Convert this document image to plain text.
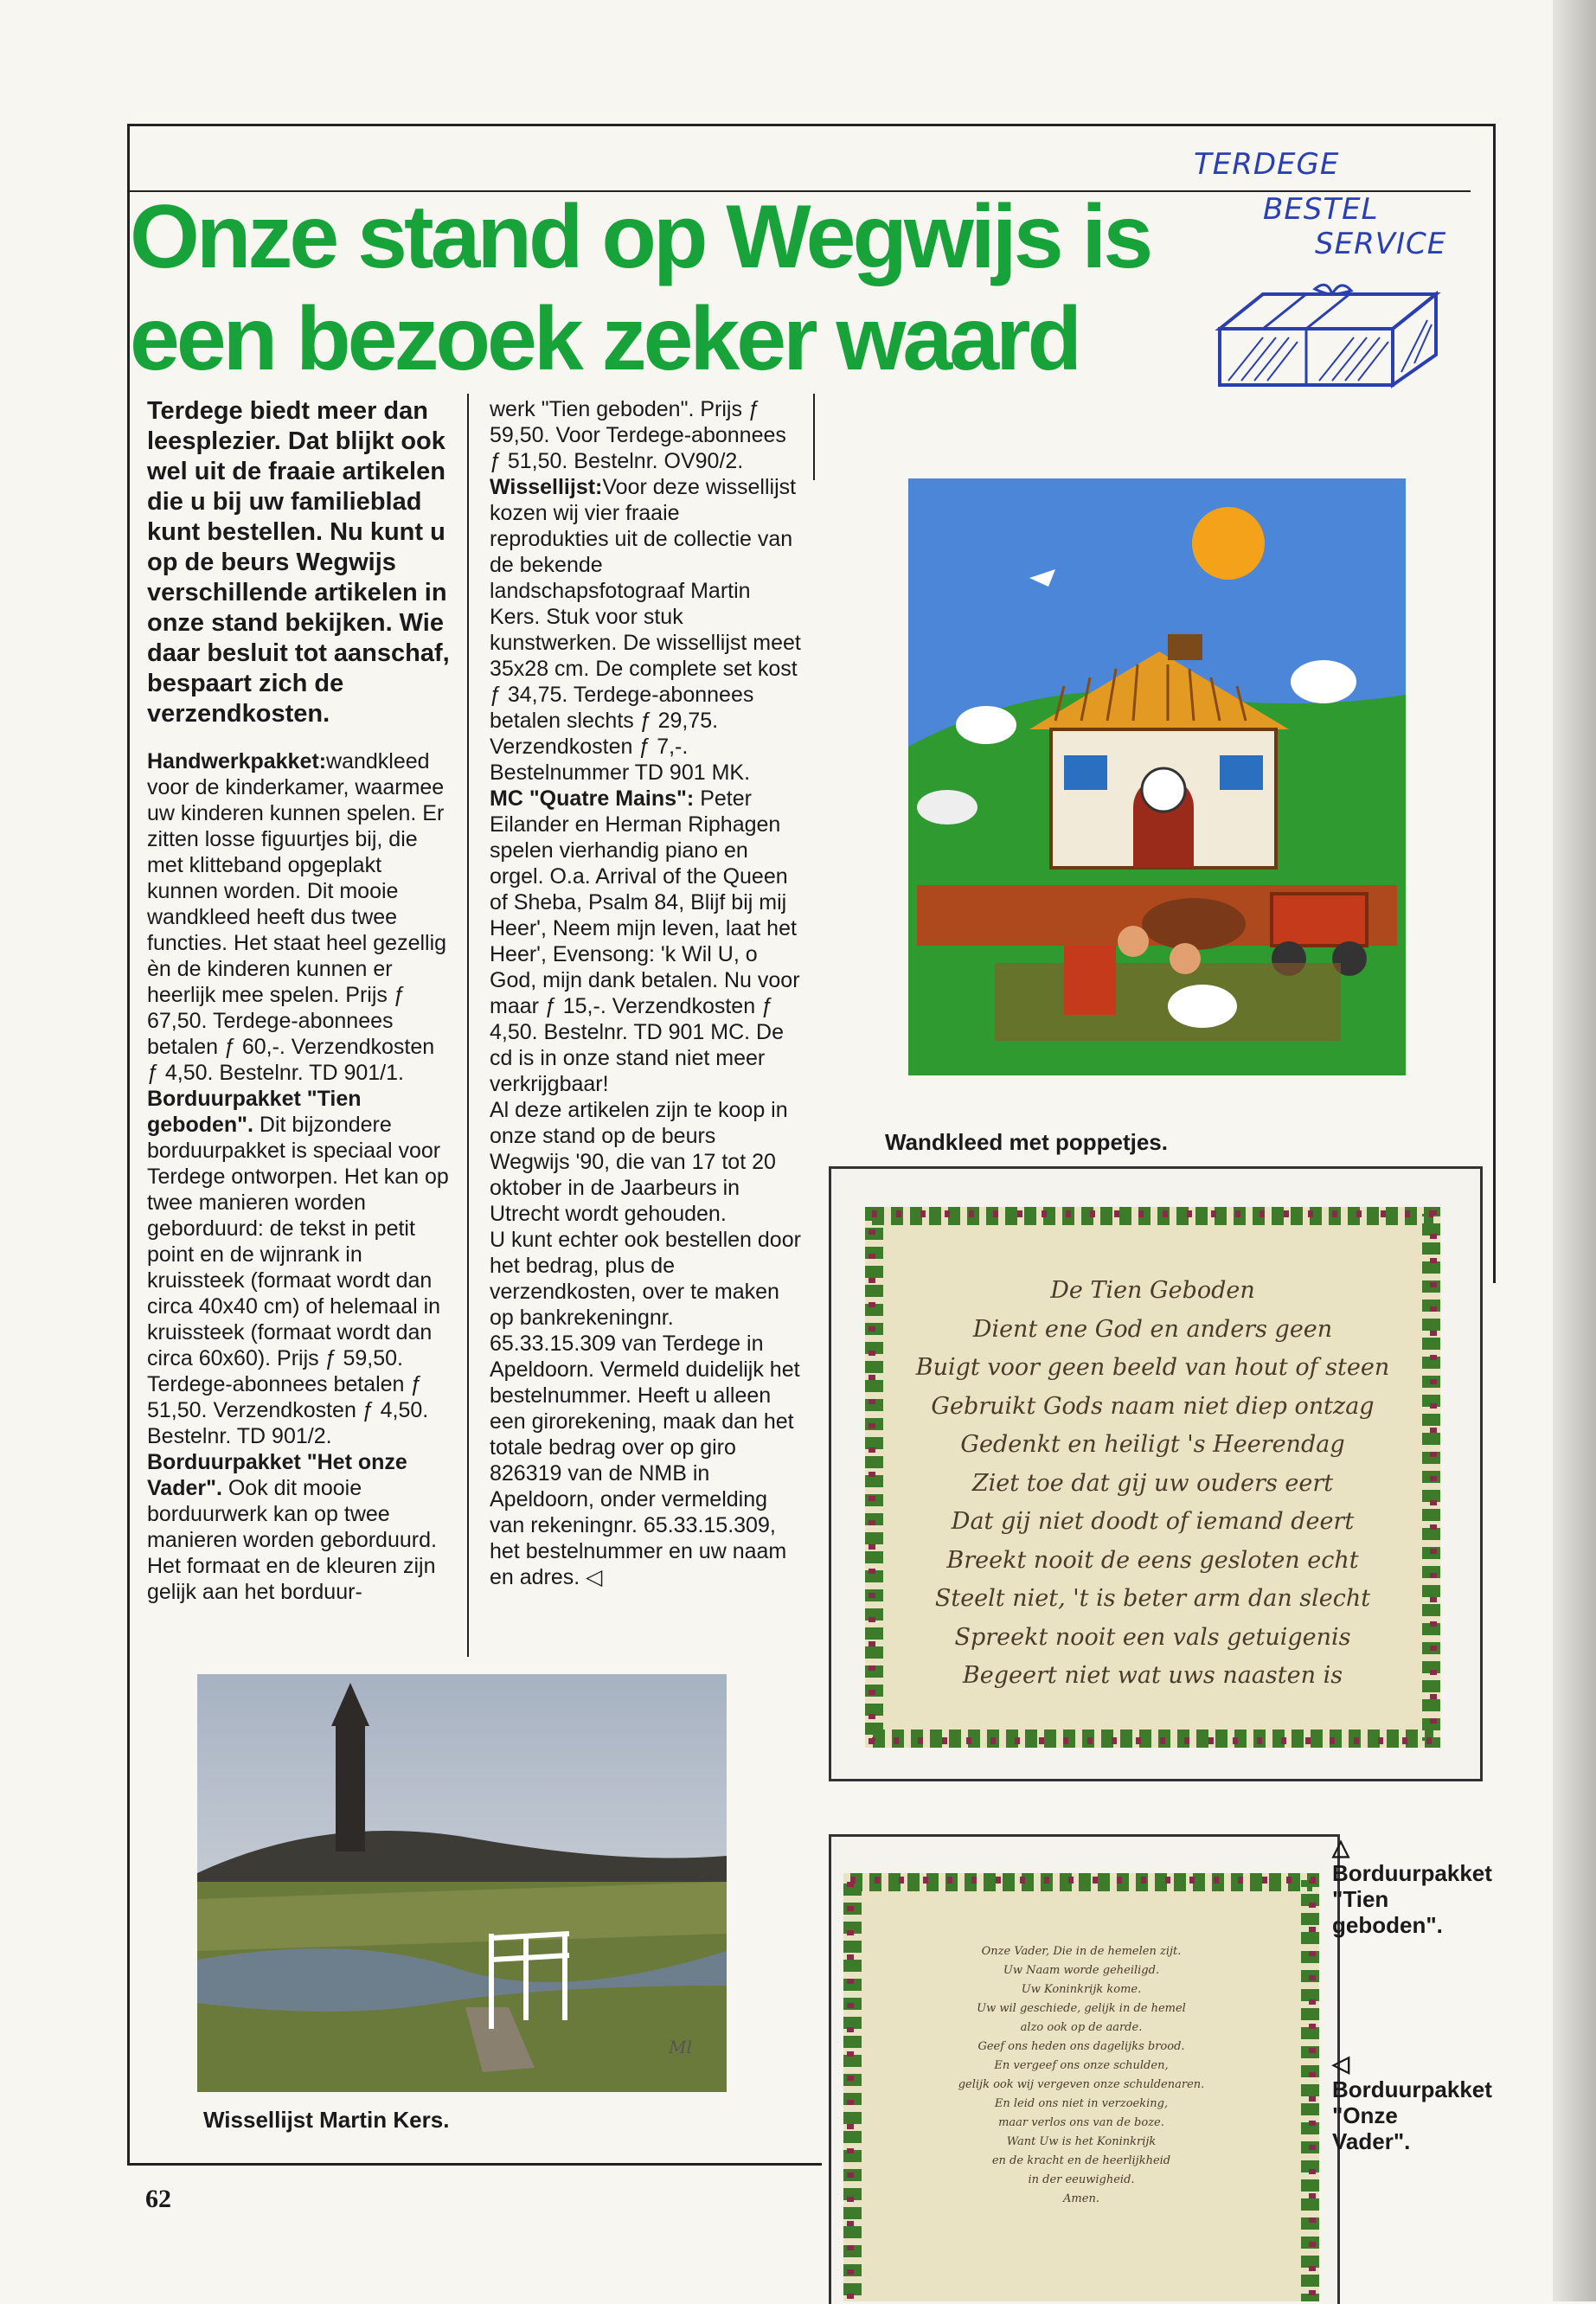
Onze stand op Wegwijs is
een bezoek zeker waard
TERDEGE
BESTEL
SERVICE

Terdege biedt meer dan leesplezier. Dat blijkt ook wel uit de fraaie artikelen die u bij uw familieblad kunt bestellen. Nu kunt u op de beurs Wegwijs verschillende artikelen in onze stand bekijken. Wie daar besluit tot aanschaf, bespaart zich de verzendkosten.

Handwerkpakket:wandkleed voor de kinderkamer, waarmee uw kinderen kunnen spelen. Er zitten losse figuurtjes bij, die met klitteband opgeplakt kunnen worden. Dit mooie wandkleed heeft dus twee functies. Het staat heel gezellig èn de kinderen kunnen er heerlijk mee spelen. Prijs ƒ 67,50. Terdege-abonnees betalen ƒ 60,-. Verzendkosten ƒ 4,50. Bestelnr. TD 901/1.

Borduurpakket "Tien geboden". Dit bijzondere borduurpakket is speciaal voor Terdege ontworpen. Het kan op twee manieren worden geborduurd: de tekst in petit point en de wijnrank in kruissteek (formaat wordt dan circa 40x40 cm) of helemaal in kruissteek (formaat wordt dan circa 60x60). Prijs ƒ 59,50. Terdege-abonnees betalen ƒ 51,50. Verzendkosten ƒ 4,50. Bestelnr. TD 901/2.

Borduurpakket "Het onze Vader". Ook dit mooie borduurwerk kan op twee manieren worden geborduurd. Het formaat en de kleuren zijn gelijk aan het borduur-

werk "Tien geboden". Prijs ƒ 59,50. Voor Terdege-abonnees ƒ 51,50. Bestelnr. OV90/2.

Wissellijst:Voor deze wissellijst kozen wij vier fraaie reprodukties uit de collectie van de bekende landschapsfotograaf Martin Kers. Stuk voor stuk kunstwerken. De wissellijst meet 35x28 cm. De complete set kost ƒ 34,75. Terdege-abonnees betalen slechts ƒ 29,75. Verzendkosten ƒ 7,-. Bestelnummer TD 901 MK.

MC "Quatre Mains": Peter Eilander en Herman Riphagen spelen vierhandig piano en orgel. O.a. Arrival of the Queen of Sheba, Psalm 84, Blijf bij mij Heer', Neem mijn leven, laat het Heer', Evensong: 'k Wil U, o God, mijn dank betalen. Nu voor maar ƒ 15,-. Verzendkosten ƒ 4,50. Bestelnr. TD 901 MC. De cd is in onze stand niet meer verkrijgbaar!

Al deze artikelen zijn te koop in onze stand op de beurs Wegwijs '90, die van 17 tot 20 oktober in de Jaarbeurs in Utrecht wordt gehouden.

U kunt echter ook bestellen door het bedrag, plus de verzendkosten, over te maken op bankrekeningnr. 65.33.15.309 van Terdege in Apeldoorn. Vermeld duidelijk het bestelnummer. Heeft u alleen een girorekening, maak dan het totale bedrag over op giro 826319 van de NMB in Apeldoorn, onder vermelding van rekeningnr. 65.33.15.309, het bestelnummer en uw naam en adres. ◁

Wandkleed met poppetjes.
De Tien Geboden
Dient ene God en anders geen
Buigt voor geen beeld van hout of steen
Gebruikt Gods naam niet diep ontzag
Gedenkt en heiligt 's Heerendag
Ziet toe dat gij uw ouders eert
Dat gij niet doodt of iemand deert
Breekt nooit de eens gesloten echt
Steelt niet, 't is beter arm dan slecht
Spreekt nooit een vals getuigenis
Begeert niet wat uws naasten is
Onze Vader, Die in de hemelen zijt.
Uw Naam worde geheiligd.
Uw Koninkrijk kome.
Uw wil geschiede, gelijk in de hemel
alzo ook op de aarde.
Geef ons heden ons dagelijks brood.
En vergeef ons onze schulden,
gelijk ook wij vergeven onze schuldenaren.
En leid ons niet in verzoeking,
maar verlos ons van de boze.
Want Uw is het Koninkrijk
en de kracht en de heerlijkheid
in der eeuwigheid.
Amen.
△
Borduurpakket "Tien geboden".
◁
Borduurpakket "Onze Vader".
Ml
Wissellijst Martin Kers.
62
